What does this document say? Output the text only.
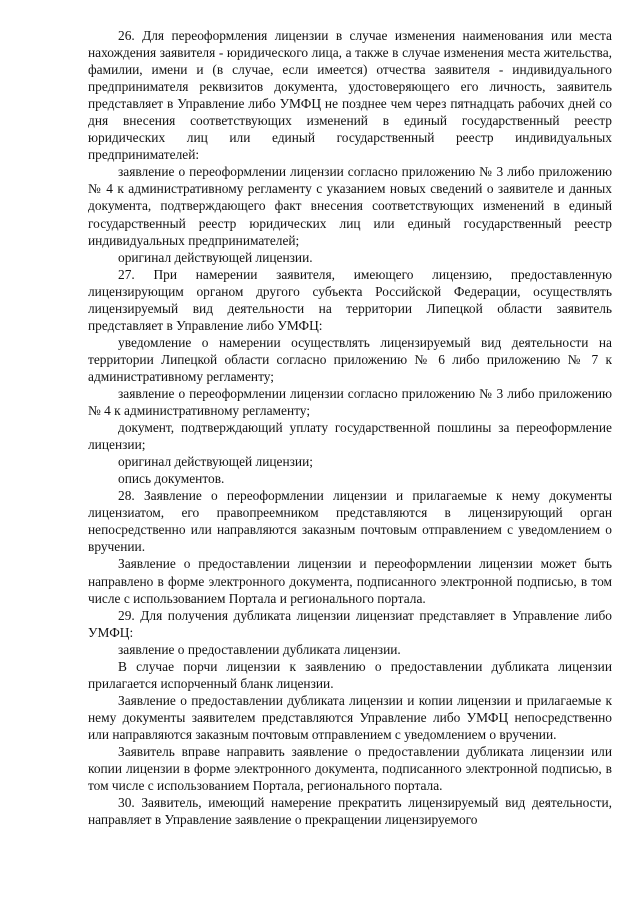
26. Для переоформления лицензии в случае изменения наименования или места нахождения заявителя - юридического лица, а также в случае изменения места жительства, фамилии, имени и (в случае, если имеется) отчества заявителя - индивидуального предпринимателя реквизитов документа, удостоверяющего его личность, заявитель представляет в Управление либо УМФЦ не позднее чем через пятнадцать рабочих дней со дня внесения соответствующих изменений в единый государственный реестр юридических лиц или единый государственный реестр индивидуальных предпринимателей:

заявление о переоформлении лицензии согласно приложению № 3 либо приложению № 4 к административному регламенту с указанием новых сведений о заявителе и данных документа, подтверждающего факт внесения соответствующих изменений в единый государственный реестр юридических лиц или единый государственный реестр индивидуальных предпринимателей;

оригинал действующей лицензии.

27. При намерении заявителя, имеющего лицензию, предоставленную лицензирующим органом другого субъекта Российской Федерации, осуществлять лицензируемый вид деятельности на территории Липецкой области заявитель представляет в Управление либо УМФЦ:

уведомление о намерении осуществлять лицензируемый вид деятельности на территории Липецкой области согласно приложению № 6 либо приложению № 7 к административному регламенту;

заявление о переоформлении лицензии согласно приложению № 3 либо приложению № 4 к административному регламенту;

документ, подтверждающий уплату государственной пошлины за переоформление лицензии;

оригинал действующей лицензии;

опись документов.

28. Заявление о переоформлении лицензии и прилагаемые к нему документы лицензиатом, его правопреемником представляются в лицензирующий орган непосредственно или направляются заказным почтовым отправлением с уведомлением о вручении.

Заявление о предоставлении лицензии и переоформлении лицензии может быть направлено в форме электронного документа, подписанного электронной подписью, в том числе с использованием Портала и регионального портала.

29. Для получения дубликата лицензии лицензиат представляет в Управление либо УМФЦ:

заявление о предоставлении дубликата лицензии.

В случае порчи лицензии к заявлению о предоставлении дубликата лицензии прилагается испорченный бланк лицензии.

Заявление о предоставлении дубликата лицензии и копии лицензии и прилагаемые к нему документы заявителем представляются Управление либо УМФЦ непосредственно или направляются заказным почтовым отправлением с уведомлением о вручении.

Заявитель вправе направить заявление о предоставлении дубликата лицензии или копии лицензии в форме электронного документа, подписанного электронной подписью, в том числе с использованием Портала, регионального портала.

30. Заявитель, имеющий намерение прекратить лицензируемый вид деятельности, направляет в Управление заявление о прекращении лицензируемого
